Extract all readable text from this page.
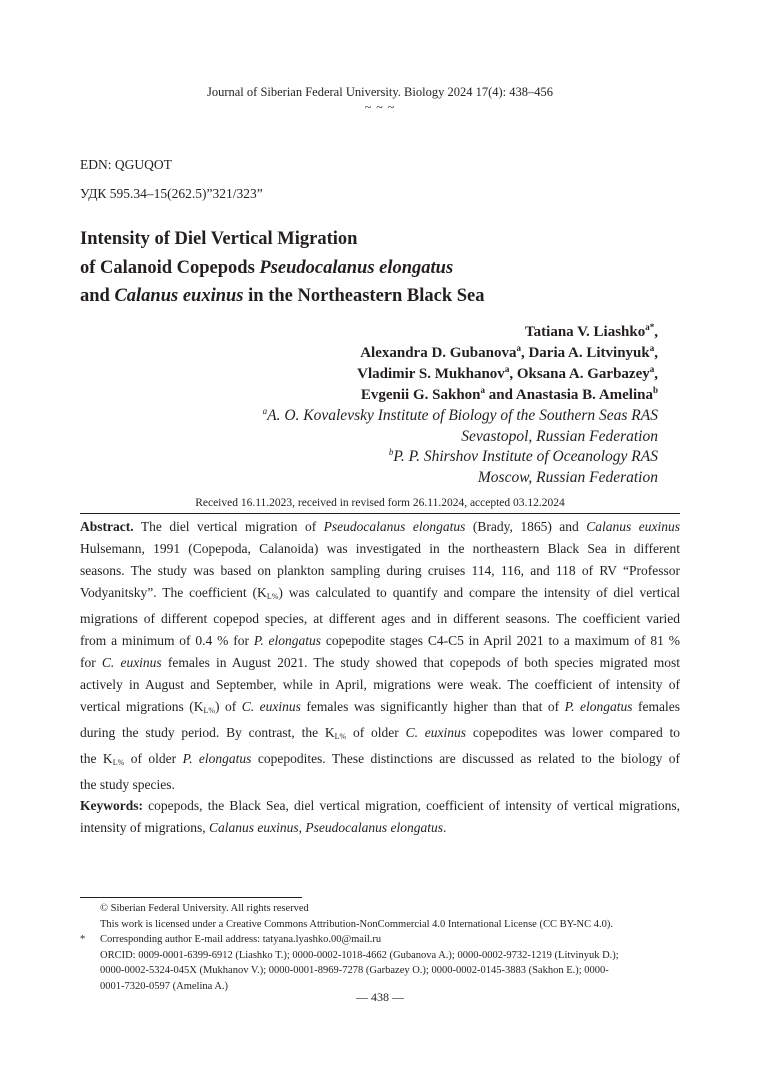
Journal of Siberian Federal University. Biology 2024 17(4): 438–456
~ ~ ~
EDN: QGUQOT
УДК 595.34–15(262.5)”321/323”
Intensity of Diel Vertical Migration
of Calanoid Copepods Pseudocalanus elongatus
and Calanus euxinus in the Northeastern Black Sea
Tatiana V. Liashko$^{a*}$,
Alexandra D. Gubanova$^a$, Daria A. Litvinyuk$^a$,
Vladimir S. Mukhanov$^a$, Oksana A. Garbazey$^a$,
Evgenii G. Sakhon$^a$ and Anastasia B. Amelina$^b$
$^a$A. O. Kovalevsky Institute of Biology of the Southern Seas RAS
Sevastopol, Russian Federation
$^b$P. P. Shirshov Institute of Oceanology RAS
Moscow, Russian Federation
Received 16.11.2023, received in revised form 26.11.2024, accepted 03.12.2024
Abstract. The diel vertical migration of Pseudocalanus elongatus (Brady, 1865) and Calanus euxinus
Hulsemann, 1991 (Copepoda, Calanoida) was investigated in the northeastern Black Sea in different
seasons. The study was based on plankton sampling during cruises 114, 116, and 118 of RV “Professor
Vodyanitsky”. The coefficient $(K_{L\%})$ was calculated to quantify and compare the intensity of diel vertical
migrations of different copepod species, at different ages and in different seasons. The coefficient varied
from a minimum of 0.4 % for P. elongatus copepodite stages C4-C5 in April 2021 to a maximum of 81 %
for C. euxinus females in August 2021. The study showed that copepods of both species migrated most
actively in August and September, while in April, migrations were weak. The coefficient of intensity of
vertical migrations $(K_{L\%})$ of C. euxinus females was significantly higher than that of P. elongatus females
during the study period. By contrast, the $K_{L\%}$ of older C. euxinus copepodites was lower compared to
the $K_{L\%}$ of older P. elongatus copepodites. These distinctions are discussed as related to the biology of
the study species.
Keywords: copepods, the Black Sea, diel vertical migration, coefficient of intensity of vertical migrations,
intensity of migrations, Calanus euxinus, Pseudocalanus elongatus.
© Siberian Federal University. All rights reserved
This work is licensed under a Creative Commons Attribution-NonCommercial 4.0 International License (CC BY-NC 4.0).
*	Corresponding author E-mail address: tatyana.lyashko.00@mail.ru
ORCID: 0009-0001-6399-6912 (Liashko T.); 0000-0002-1018-4662 (Gubanova A.); 0000-0002-9732-1219 (Litvinyuk D.);
0000-0002-5324-045X (Mukhanov V.); 0000-0001-8969-7278 (Garbazey O.); 0000-0002-0145-3883 (Sakhon E.); 0000-
0001-7320-0597 (Amelina A.)
— 438 —
